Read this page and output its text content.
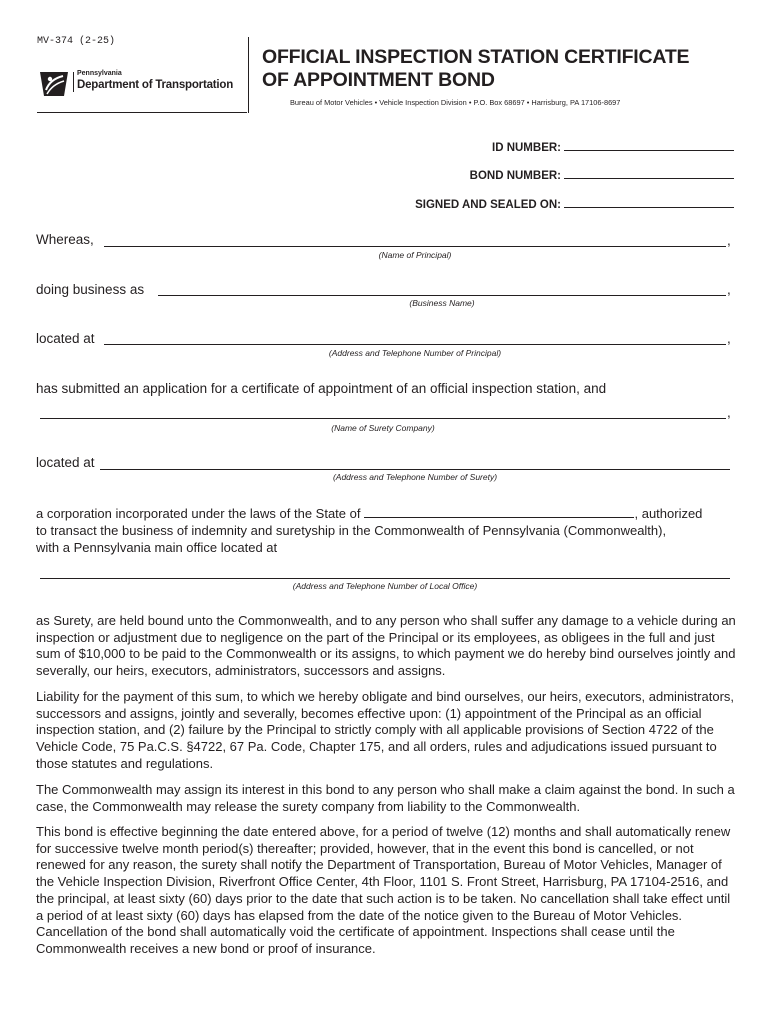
MV-374 (2-25)
Pennsylvania
Department of Transportation
OFFICIAL INSPECTION STATION CERTIFICATE
OF APPOINTMENT BOND
Bureau of Motor Vehicles • Vehicle Inspection Division • P.O. Box 68697 • Harrisburg, PA 17106-8697
ID NUMBER:
BOND NUMBER:
SIGNED AND SEALED ON:
Whereas,	,
(Name of Principal)
doing business as	,
(Business Name)
located at	,
(Address and Telephone Number of Principal)
has submitted an application for a certificate of appointment of an official inspection station, and
,
(Name of Surety Company)
located at
(Address and Telephone Number of Surety)
a corporation incorporated under the laws of the State of	, authorized
to transact the business of indemnity and suretyship in the Commonwealth of Pennsylvania (Commonwealth),
with a Pennsylvania main office located at
(Address and Telephone Number of Local Office)

as Surety, are held bound unto the Commonwealth, and to any person who shall suffer any damage to a vehicle during an inspection or adjustment due to negligence on the part of the Principal or its employees, as obligees in the full and just sum of $10,000 to be paid to the Commonwealth or its assigns, to which payment we do hereby bind ourselves jointly and severally, our heirs, executors, administrators, successors and assigns.

Liability for the payment of this sum, to which we hereby obligate and bind ourselves, our heirs, executors, administrators, successors and assigns, jointly and severally, becomes effective upon: (1) appointment of the Principal as an official inspection station, and (2) failure by the Principal to strictly comply with all applicable provisions of Section 4722 of the Vehicle Code, 75 Pa.C.S. §4722, 67 Pa. Code, Chapter 175, and all orders, rules and adjudications issued pursuant to those statutes and regulations.

The Commonwealth may assign its interest in this bond to any person who shall make a claim against the bond. In such a case, the Commonwealth may release the surety company from liability to the Commonwealth.

This bond is effective beginning the date entered above, for a period of twelve (12) months and shall automatically renew for successive twelve month period(s) thereafter; provided, however, that in the event this bond is cancelled, or not renewed for any reason, the surety shall notify the Department of Transportation, Bureau of Motor Vehicles, Manager of the Vehicle Inspection Division, Riverfront Office Center, 4th Floor, 1101 S. Front Street, Harrisburg, PA 17104-2516, and the principal, at least sixty (60) days prior to the date that such action is to be taken. No cancellation shall take effect until a period of at least sixty (60) days has elapsed from the date of the notice given to the Bureau of Motor Vehicles. Cancellation of the bond shall automatically void the certificate of appointment. Inspections shall cease until the Commonwealth receives a new bond or proof of insurance.
